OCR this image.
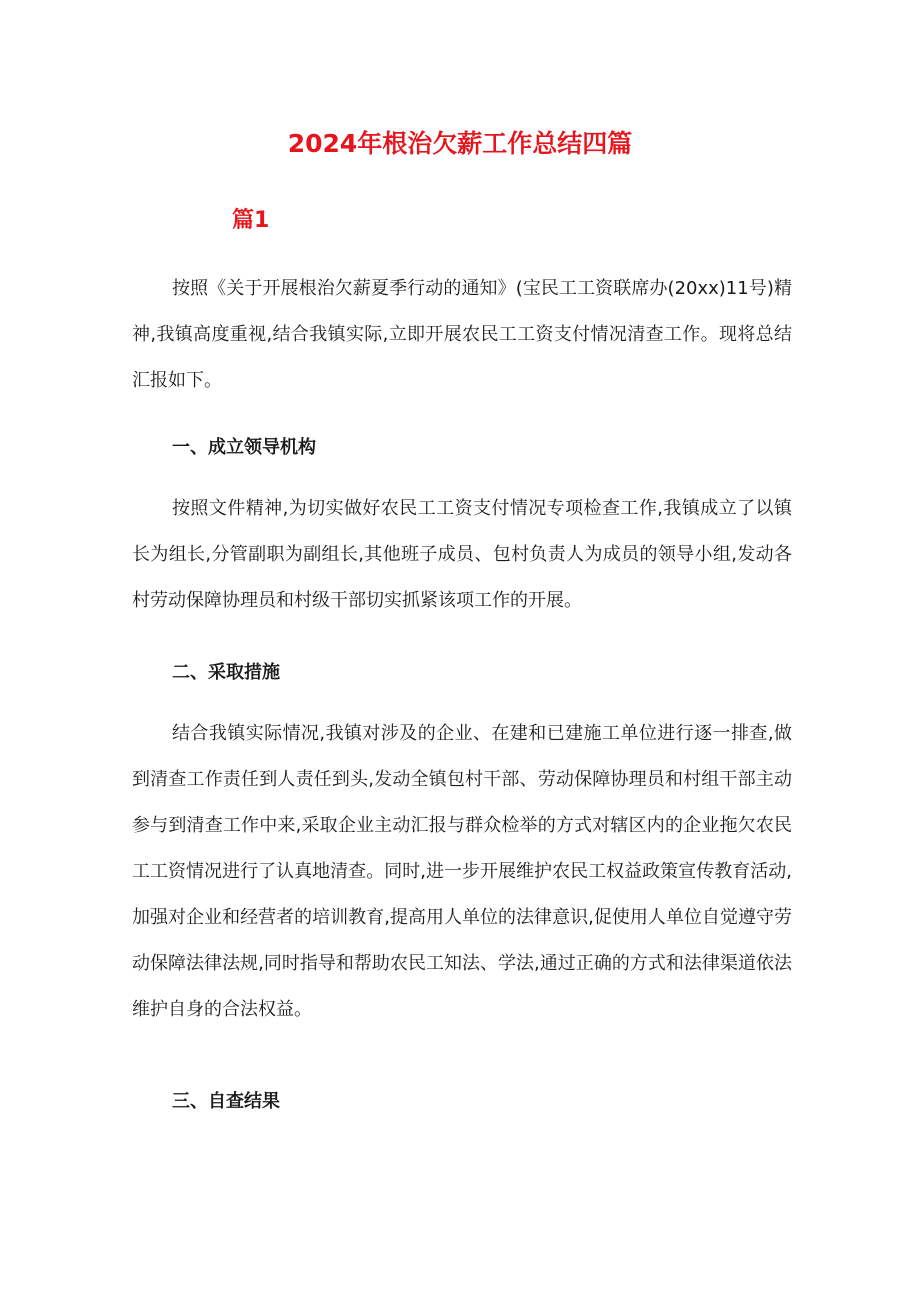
2024年根治欠薪工作总结四篇
篇1

按照《关于开展根治欠薪夏季行动的通知》(宝民工工资联席办(20xx)11号)精神,我镇高度重视,结合我镇实际,立即开展农民工工资支付情况清查工作。现将总结汇报如下。

一、成立领导机构

按照文件精神,为切实做好农民工工资支付情况专项检查工作,我镇成立了以镇长为组长,分管副职为副组长,其他班子成员、包村负责人为成员的领导小组,发动各村劳动保障协理员和村级干部切实抓紧该项工作的开展。

二、采取措施

结合我镇实际情况,我镇对涉及的企业、在建和已建施工单位进行逐一排查,做到清查工作责任到人责任到头,发动全镇包村干部、劳动保障协理员和村组干部主动参与到清查工作中来,采取企业主动汇报与群众检举的方式对辖区内的企业拖欠农民工工资情况进行了认真地清查。同时,进一步开展维护农民工权益政策宣传教育活动,加强对企业和经营者的培训教育,提高用人单位的法律意识,促使用人单位自觉遵守劳动保障法律法规,同时指导和帮助农民工知法、学法,通过正确的方式和法律渠道依法维护自身的合法权益。

三、自查结果
